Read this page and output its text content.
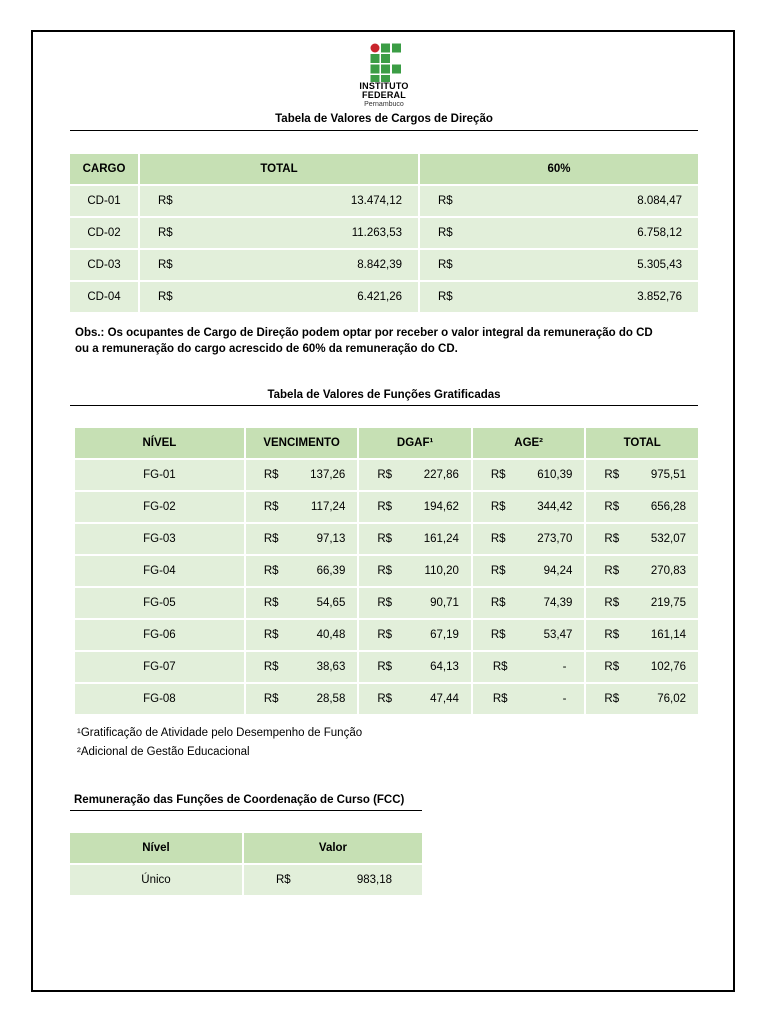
INSTITUTO
FEDERAL
Pernambuco
Tabela de Valores de Cargos de Direção
CARGO	TOTAL	60%
CD-01	R$ 13.474,12	R$ 8.084,47

CD-02	R$ 11.263,53	R$ 6.758,12

CD-03	R$ 8.842,39	R$ 5.305,43

CD-04	R$ 6.421,26	R$ 3.852,76
Obs.: Os ocupantes de Cargo de Direção podem optar por receber o valor integral da remuneração do CD
ou a remuneração do cargo acrescido de 60% da remuneração do CD.
Tabela de Valores de Funções Gratificadas
NÍVEL	VENCIMENTO	DGAF¹	AGE²	TOTAL
FG-01	R$ 137,26	R$ 227,86	R$ 610,39	R$ 975,51

FG-02	R$ 117,24	R$ 194,62	R$ 344,42	R$ 656,28

FG-03	R$ 97,13	R$ 161,24	R$ 273,70	R$ 532,07

FG-04	R$ 66,39	R$ 110,20	R$ 94,24	R$ 270,83

FG-05	R$ 54,65	R$ 90,71	R$ 74,39	R$ 219,75

FG-06	R$ 40,48	R$ 67,19	R$ 53,47	R$ 161,14

FG-07	R$ 38,63	R$ 64,13	R$ -	R$ 102,76

FG-08	R$ 28,58	R$ 47,44	R$ -	R$ 76,02
¹Gratificação de Atividade pelo Desempenho de Função
²Adicional de Gestão Educacional
Remuneração das Funções de Coordenação de Curso (FCC)
Nível	Valor
Único	R$ 983,18
